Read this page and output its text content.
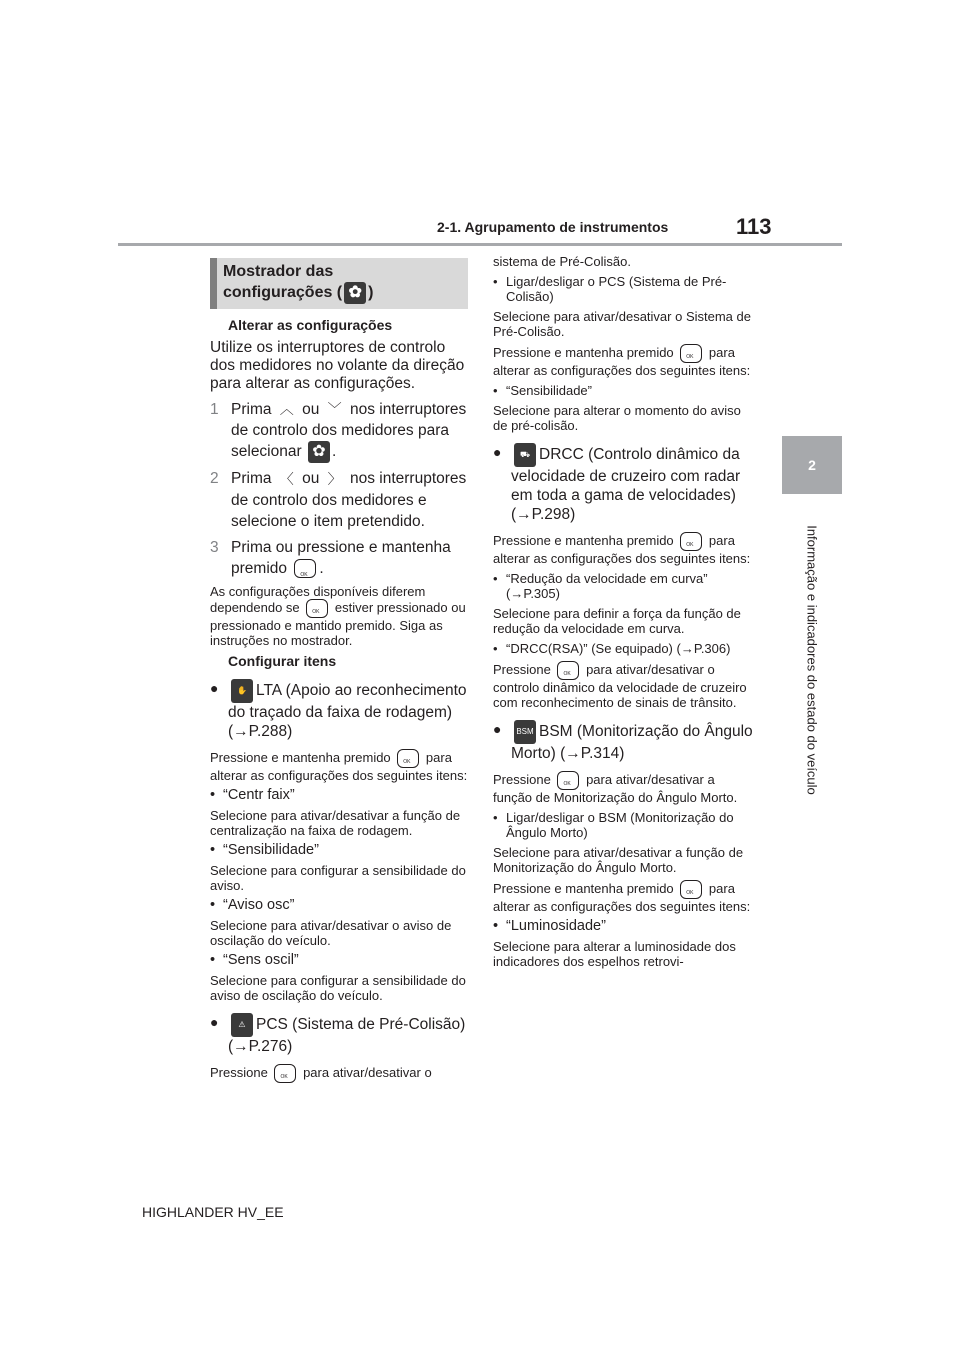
2-1. Agrupamento de instrumentos	113
2
Informação e indicadores do estado do veículo
Mostrador das
configurações ( ✿ )
Alterar as configurações

Utilize os interruptores de controlo dos medidores no volante da direção para alterar as configurações.

1 Prima ︿ ou ﹀ nos interruptores de controlo dos medidores para selecionar ✿ .
2 Prima 〈 ou 〉 nos interruptores de controlo dos medidores e selecione o item pretendido.
3 Prima ou pressione e mantenha premido OK .

As configurações disponíveis diferem dependendo se OK	estiver pressionado ou pressionado e mantido premido. Siga as instruções no mostrador.

Configurar itens
●	✋ LTA (Apoio ao reconhecimento do traçado da faixa de rodagem) (→P.288)

Pressione e mantenha premido OK	para alterar as configurações dos seguintes itens:

• “Centr faix”

Selecione para ativar/desativar a função de centralização na faixa de rodagem.

• “Sensibilidade”

Selecione para configurar a sensibilidade do aviso.

• “Aviso osc”

Selecione para ativar/desativar o aviso de oscilação do veículo.

• “Sens oscil”

Selecione para configurar a sensibilidade do aviso de oscilação do veículo.

●	⚠ PCS (Sistema de Pré-Colisão) (→P.276)

Pressione OK	para ativar/desativar o

sistema de Pré-Colisão.

• Ligar/desligar o PCS (Sistema de Pré-Colisão)

Selecione para ativar/desativar o Sistema de Pré-Colisão.

Pressione e mantenha premido OK	para alterar as configurações dos seguintes itens:

• “Sensibilidade”

Selecione para alterar o momento do aviso de pré-colisão.

●	⛟ DRCC (Controlo dinâmico da velocidade de cruzeiro com radar em toda a gama de velocidades) (→P.298)

Pressione e mantenha premido OK	para alterar as configurações dos seguintes itens:

• “Redução da velocidade em curva” (→P.305)

Selecione para definir a força da função de redução da velocidade em curva.

• “DRCC(RSA)” (Se equipado) (→P.306)

Pressione OK	para ativar/desativar o controlo dinâmico da velocidade de cruzeiro com reconhecimento de sinais de trânsito.

●	BSM BSM (Monitorização do Ângulo Morto) (→P.314)

Pressione OK	para ativar/desativar a função de Monitorização do Ângulo Morto.

• Ligar/desligar o BSM (Monitorização do Ângulo Morto)

Selecione para ativar/desativar a função de Monitorização do Ângulo Morto.

Pressione e mantenha premido OK	para alterar as configurações dos seguintes itens:

• “Luminosidade”

Selecione para alterar a luminosidade dos indicadores dos espelhos retrovi-

HIGHLANDER HV_EE
